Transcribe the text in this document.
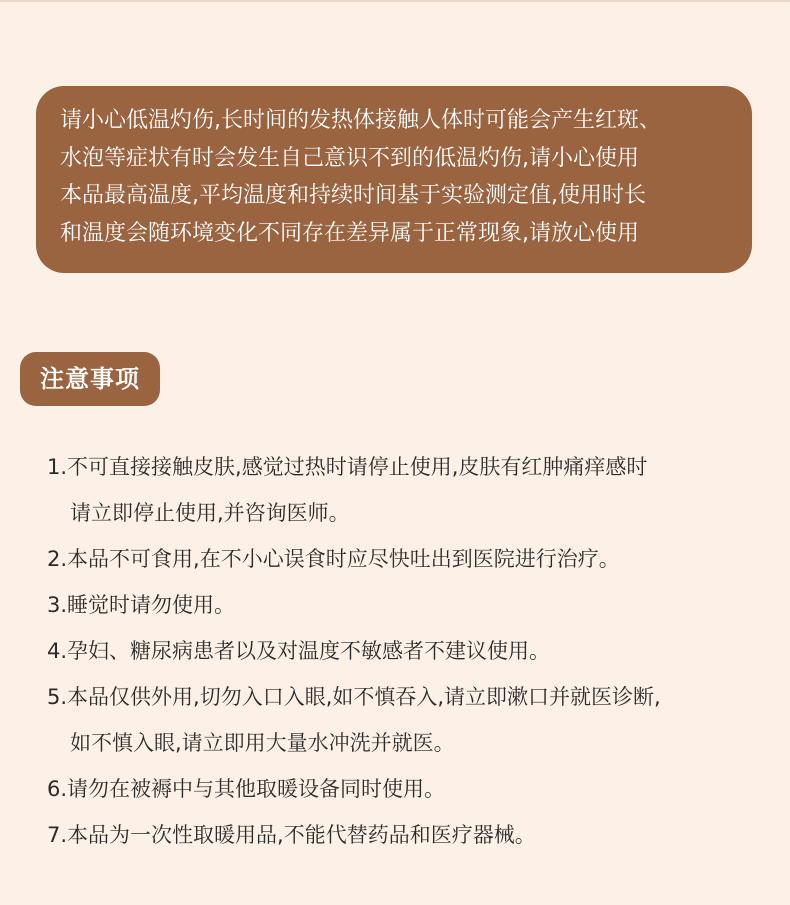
请小心低温灼伤,长时间的发热体接触人体时可能会产生红斑、
水泡等症状有时会发生自己意识不到的低温灼伤,请小心使用
本品最高温度,平均温度和持续时间基于实验测定值,使用时长
和温度会随环境变化不同存在差异属于正常现象,请放心使用
注意事项
1.不可直接接触皮肤,感觉过热时请停止使用,皮肤有红肿痛痒感时
请立即停止使用,并咨询医师。
2.本品不可食用,在不小心误食时应尽快吐出到医院进行治疗。
3.睡觉时请勿使用。
4.孕妇、糖尿病患者以及对温度不敏感者不建议使用。
5.本品仅供外用,切勿入口入眼,如不慎吞入,请立即漱口并就医诊断,
如不慎入眼,请立即用大量水冲洗并就医。
6.请勿在被褥中与其他取暖设备同时使用。
7.本品为一次性取暖用品,不能代替药品和医疗器械。
